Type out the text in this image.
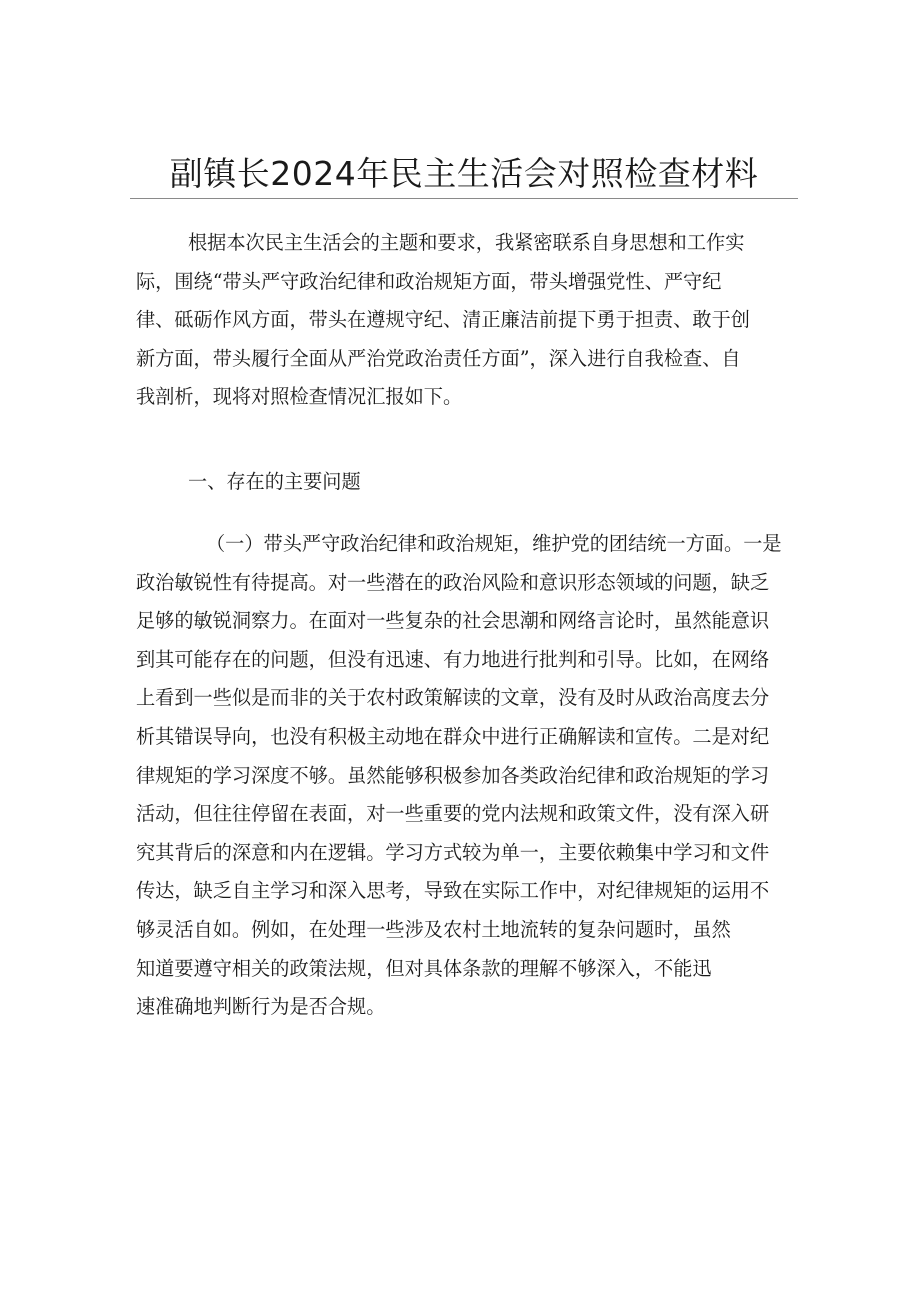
副镇长2024年民主生活会对照检查材料
根据本次民主生活会的主题和要求，我紧密联系自身思想和工作实
际，围绕“带头严守政治纪律和政治规矩方面，带头增强党性、严守纪
律、砥砺作风方面，带头在遵规守纪、清正廉洁前提下勇于担责、敢于创
新方面，带头履行全面从严治党政治责任方面”，深入进行自我检查、自
我剖析，现将对照检查情况汇报如下。
一、存在的主要问题
（一）带头严守政治纪律和政治规矩，维护党的团结统一方面。一是
政治敏锐性有待提高。对一些潜在的政治风险和意识形态领域的问题，缺乏
足够的敏锐洞察力。在面对一些复杂的社会思潮和网络言论时，虽然能意识
到其可能存在的问题，但没有迅速、有力地进行批判和引导。比如，在网络
上看到一些似是而非的关于农村政策解读的文章，没有及时从政治高度去分
析其错误导向，也没有积极主动地在群众中进行正确解读和宣传。二是对纪
律规矩的学习深度不够。虽然能够积极参加各类政治纪律和政治规矩的学习
活动，但往往停留在表面，对一些重要的党内法规和政策文件，没有深入研
究其背后的深意和内在逻辑。学习方式较为单一，主要依赖集中学习和文件
传达，缺乏自主学习和深入思考，导致在实际工作中，对纪律规矩的运用不
够灵活自如。例如，在处理一些涉及农村土地流转的复杂问题时，虽然
知道要遵守相关的政策法规，但对具体条款的理解不够深入，不能迅
速准确地判断行为是否合规。
